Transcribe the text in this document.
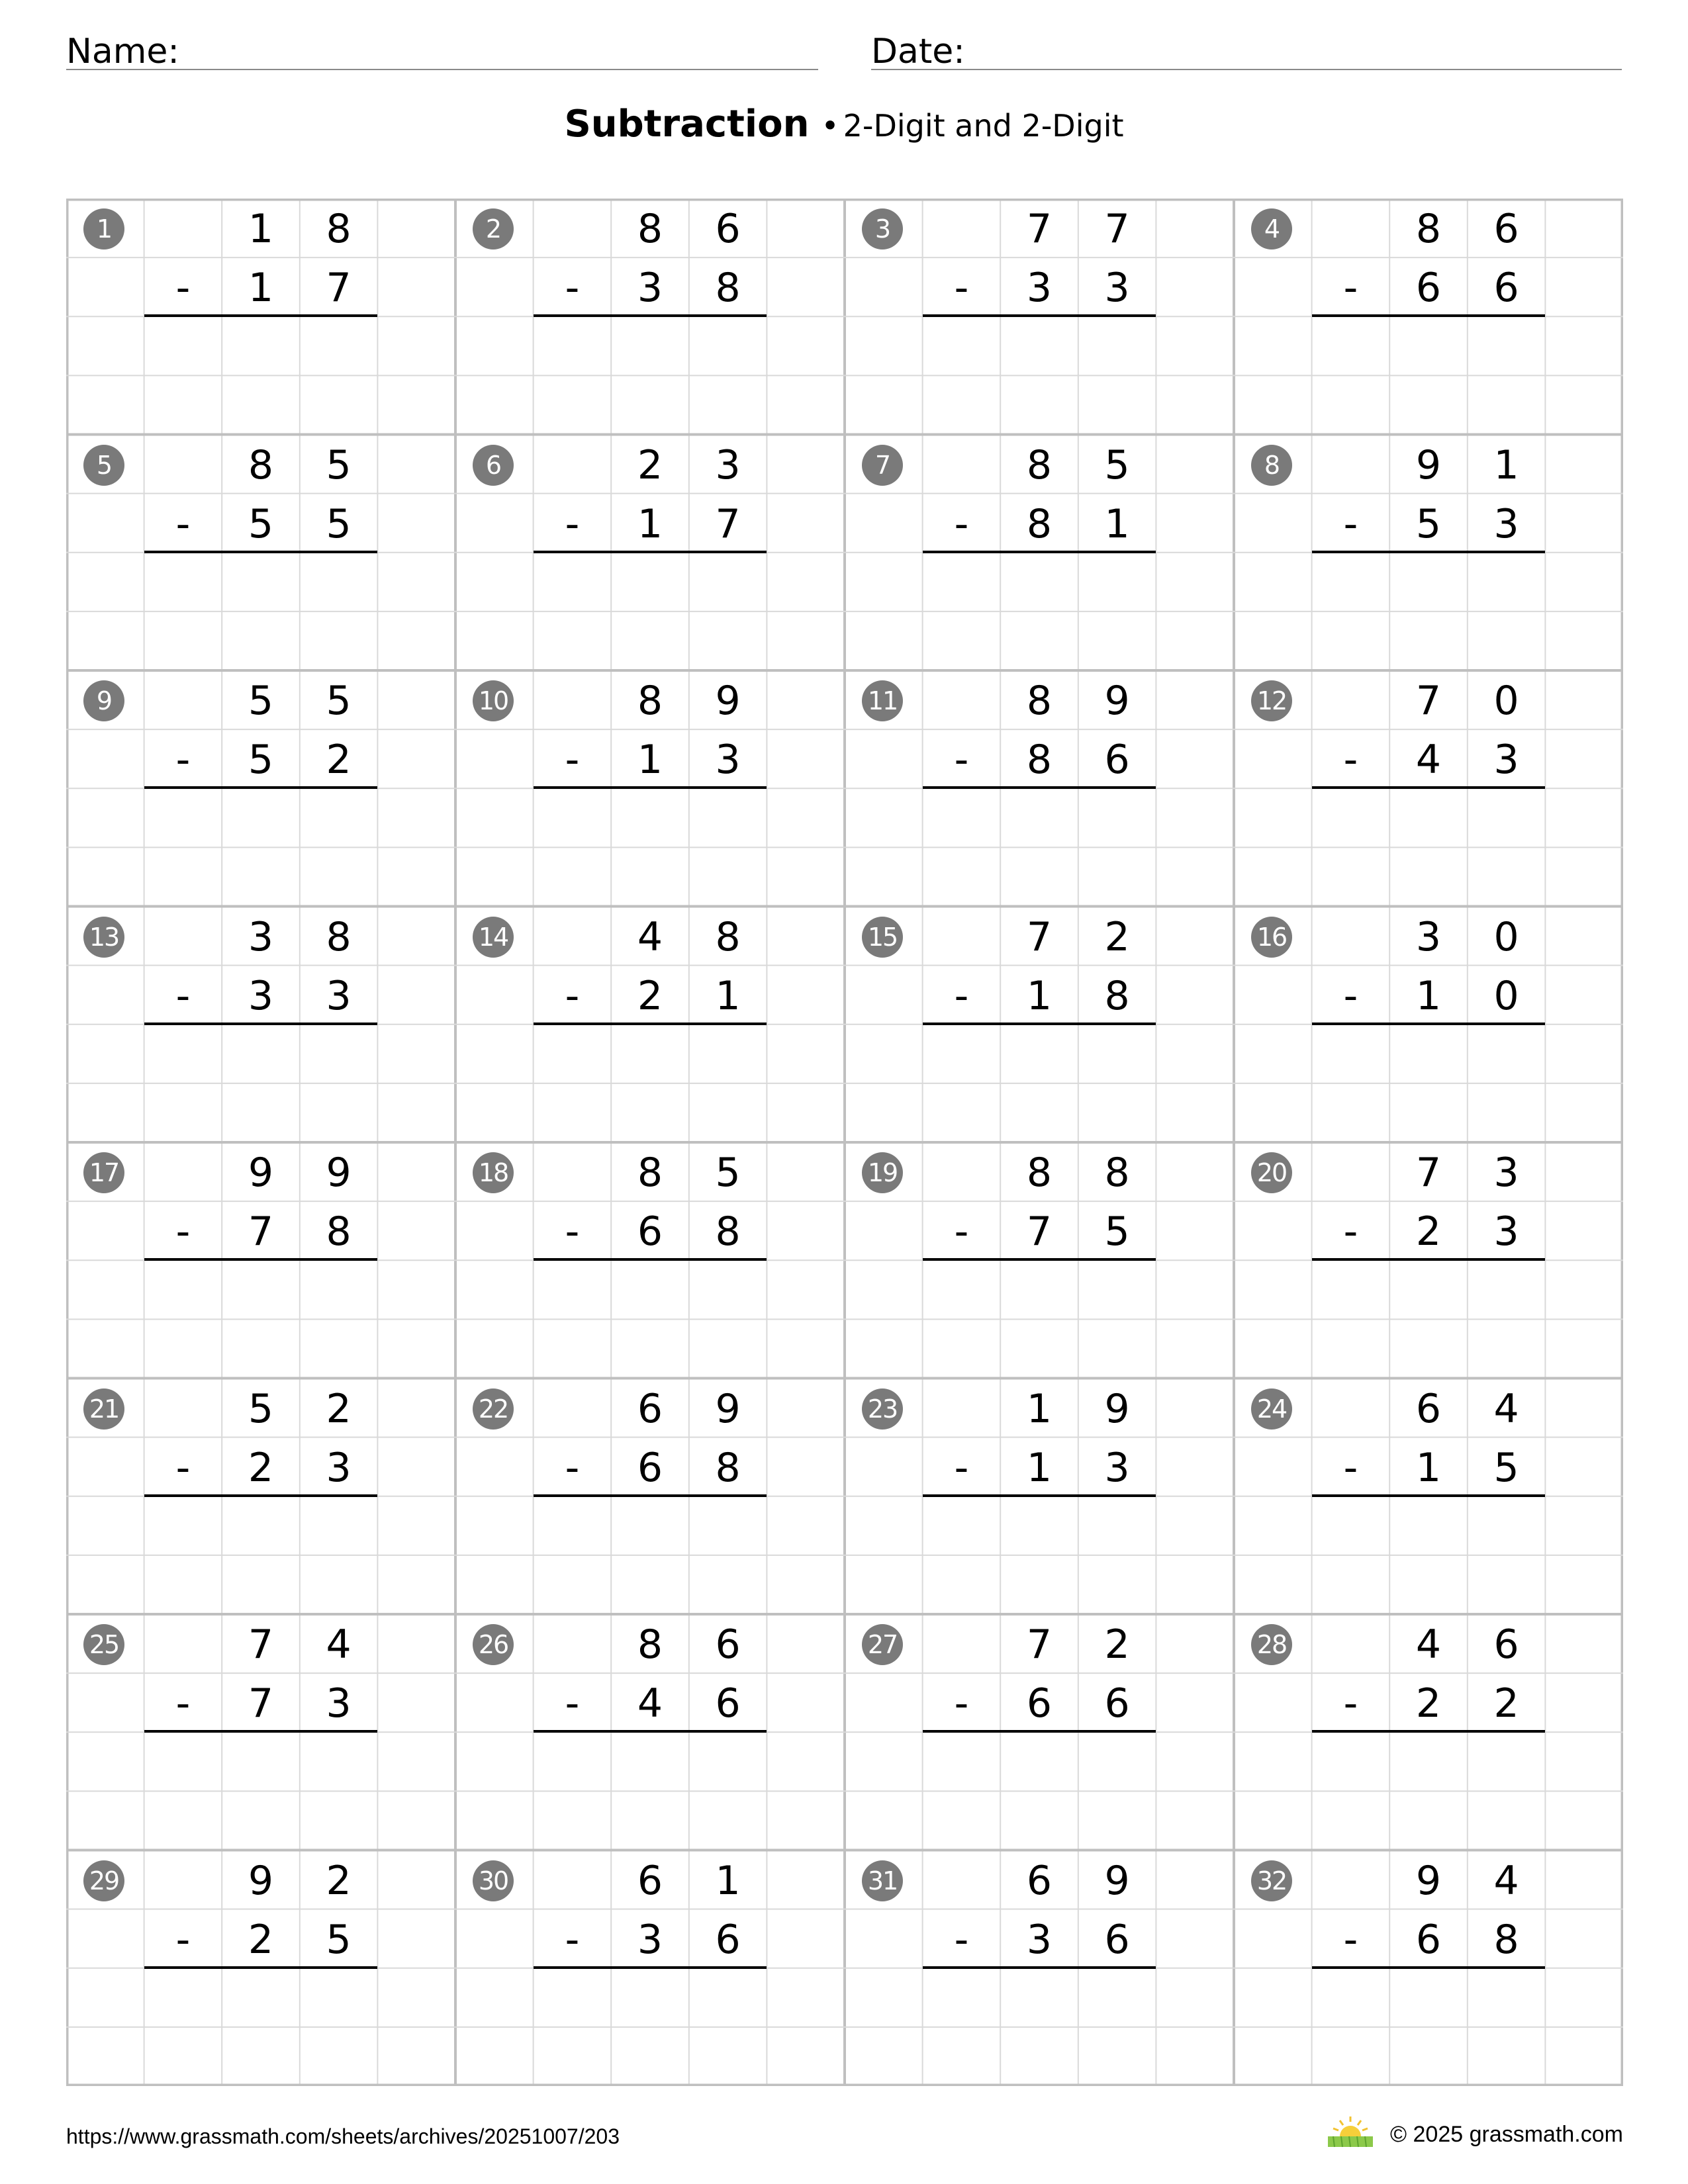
Name:	Date:
Subtraction • 2-Digit and 2-Digit
1	1	8
-	1	7
2	8	6
-	3	8
3	7	7
-	3	3
4	8	6
-	6	6
5	8	5
-	5	5
6	2	3
-	1	7
7	8	5
-	8	1
8	9	1
-	5	3
9	5	5
-	5	2
10	8	9
-	1	3
11	8	9
-	8	6
12	7	0
-	4	3
13	3	8
-	3	3
14	4	8
-	2	1
15	7	2
-	1	8
16	3	0
-	1	0
17	9	9
-	7	8
18	8	5
-	6	8
19	8	8
-	7	5
20	7	3
-	2	3
21	5	2
-	2	3
22	6	9
-	6	8
23	1	9
-	1	3
24	6	4
-	1	5
25	7	4
-	7	3
26	8	6
-	4	6
27	7	2
-	6	6
28	4	6
-	2	2
29	9	2
-	2	5
30	6	1
-	3	6
31	6	9
-	3	6
32	9	4
-	6	8
https://www.grassmath.com/sheets/archives/20251007/203	© 2025 grassmath.com
